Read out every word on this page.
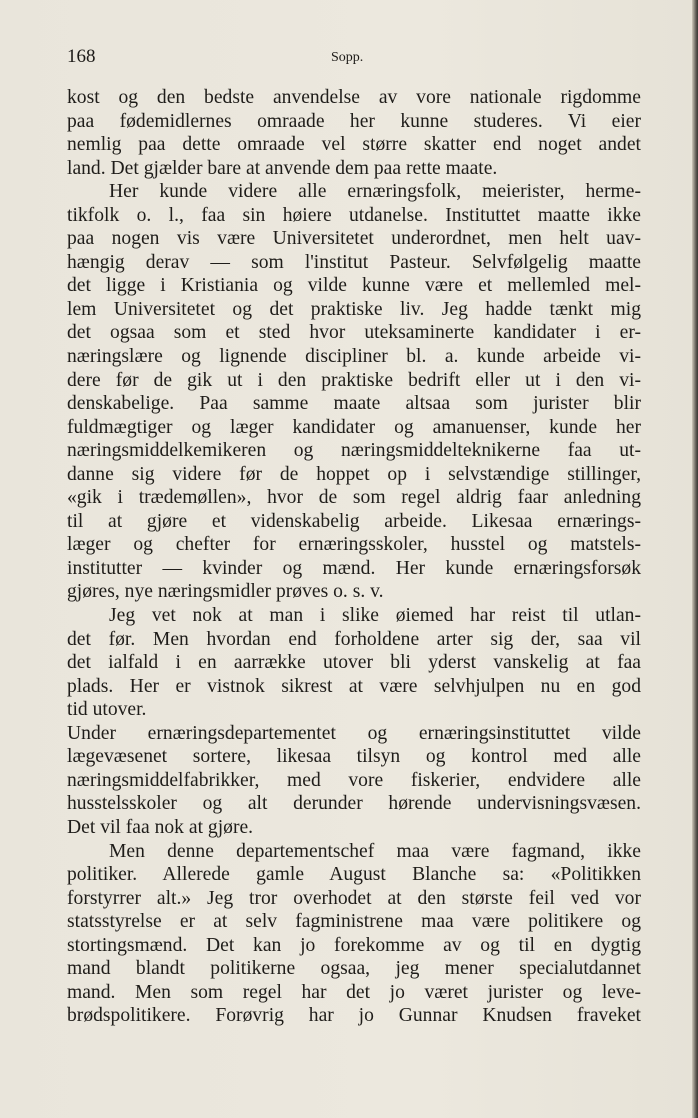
168	Sopp.
kost og den bedste anvendelse av vore nationale rigdomme
paa fødemidlernes omraade her kunne studeres. Vi eier
nemlig paa dette omraade vel større skatter end noget andet
land. Det gjælder bare at anvende dem paa rette maate.
Her kunde videre alle ernæringsfolk, meierister, herme-
tikfolk o. l., faa sin høiere utdanelse. Instituttet maatte ikke
paa nogen vis være Universitetet underordnet, men helt uav-
hængig derav — som l'institut Pasteur. Selvfølgelig maatte
det ligge i Kristiania og vilde kunne være et mellemled mel-
lem Universitetet og det praktiske liv. Jeg hadde tænkt mig
det ogsaa som et sted hvor uteksaminerte kandidater i er-
næringslære og lignende discipliner bl. a. kunde arbeide vi-
dere før de gik ut i den praktiske bedrift eller ut i den vi-
denskabelige. Paa samme maate altsaa som jurister blir
fuldmægtiger og læger kandidater og amanuenser, kunde her
næringsmiddelkemikeren og næringsmiddelteknikerne faa ut-
danne sig videre før de hoppet op i selvstændige stillinger,
«gik i trædemøllen», hvor de som regel aldrig faar anledning
til at gjøre et videnskabelig arbeide. Likesaa ernærings-
læger og chefter for ernæringsskoler, husstel og matstels-
institutter — kvinder og mænd. Her kunde ernæringsforsøk
gjøres, nye næringsmidler prøves o. s. v.
Jeg vet nok at man i slike øiemed har reist til utlan-
det før. Men hvordan end forholdene arter sig der, saa vil
det ialfald i en aarrække utover bli yderst vanskelig at faa
plads. Her er vistnok sikrest at være selvhjulpen nu en god
tid utover.
Under ernæringsdepartementet og ernæringsinstituttet vilde
lægevæsenet sortere, likesaa tilsyn og kontrol med alle
næringsmiddelfabrikker, med vore fiskerier, endvidere alle
husstelsskoler og alt derunder hørende undervisningsvæsen.
Det vil faa nok at gjøre.
Men denne departementschef maa være fagmand, ikke
politiker. Allerede gamle August Blanche sa: «Politikken
forstyrrer alt.» Jeg tror overhodet at den største feil ved vor
statsstyrelse er at selv fagministrene maa være politikere og
stortingsmænd. Det kan jo forekomme av og til en dygtig
mand blandt politikerne ogsaa, jeg mener specialutdannet
mand. Men som regel har det jo været jurister og leve-
brødspolitikere. Forøvrig har jo Gunnar Knudsen fraveket
